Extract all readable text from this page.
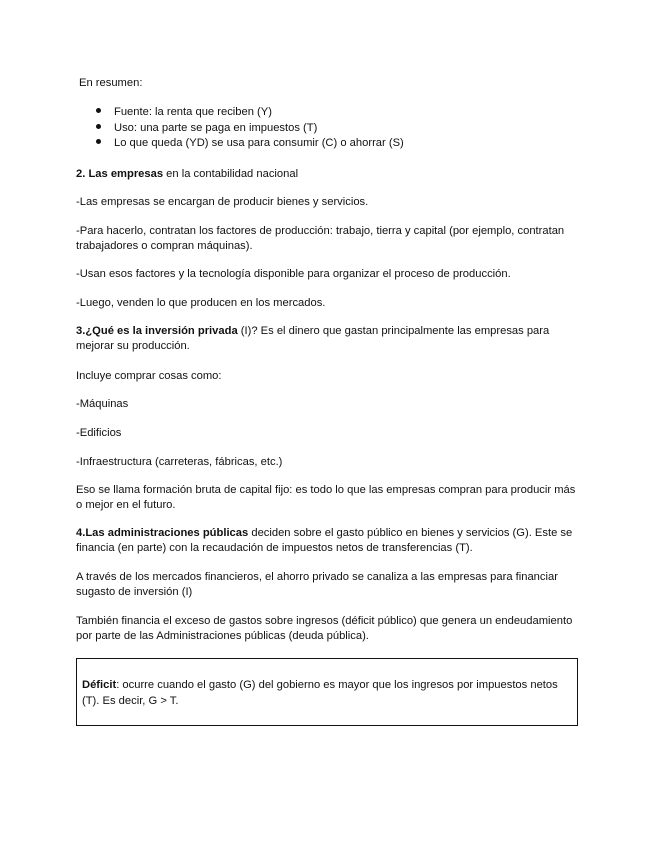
En resumen:
Fuente: la renta que reciben (Y)
Uso: una parte se paga en impuestos (T)
Lo que queda (YD) se usa para consumir (C) o ahorrar (S)
2. Las empresas en la contabilidad nacional
-Las empresas se encargan de producir bienes y servicios.
-Para hacerlo, contratan los factores de producción: trabajo, tierra y capital (por ejemplo, contratan trabajadores o compran máquinas).
-Usan esos factores y la tecnología disponible para organizar el proceso de producción.
-Luego, venden lo que producen en los mercados.
3.¿Qué es la inversión privada (I)? Es el dinero que gastan principalmente las empresas para mejorar su producción.
Incluye comprar cosas como:
-Máquinas
-Edificios
-Infraestructura (carreteras, fábricas, etc.)
Eso se llama formación bruta de capital fijo: es todo lo que las empresas compran para producir más o mejor en el futuro.
4.Las administraciones públicas deciden sobre el gasto público en bienes y servicios (G). Este se financia (en parte) con la recaudación de impuestos netos de transferencias (T).
A través de los mercados financieros, el ahorro privado se canaliza a las empresas para financiar sugasto de inversión (I)
También financia el exceso de gastos sobre ingresos (déficit público) que genera un endeudamiento por parte de las Administraciones públicas (deuda pública).
Déficit: ocurre cuando el gasto (G) del gobierno es mayor que los ingresos por impuestos netos (T). Es decir, G > T.
